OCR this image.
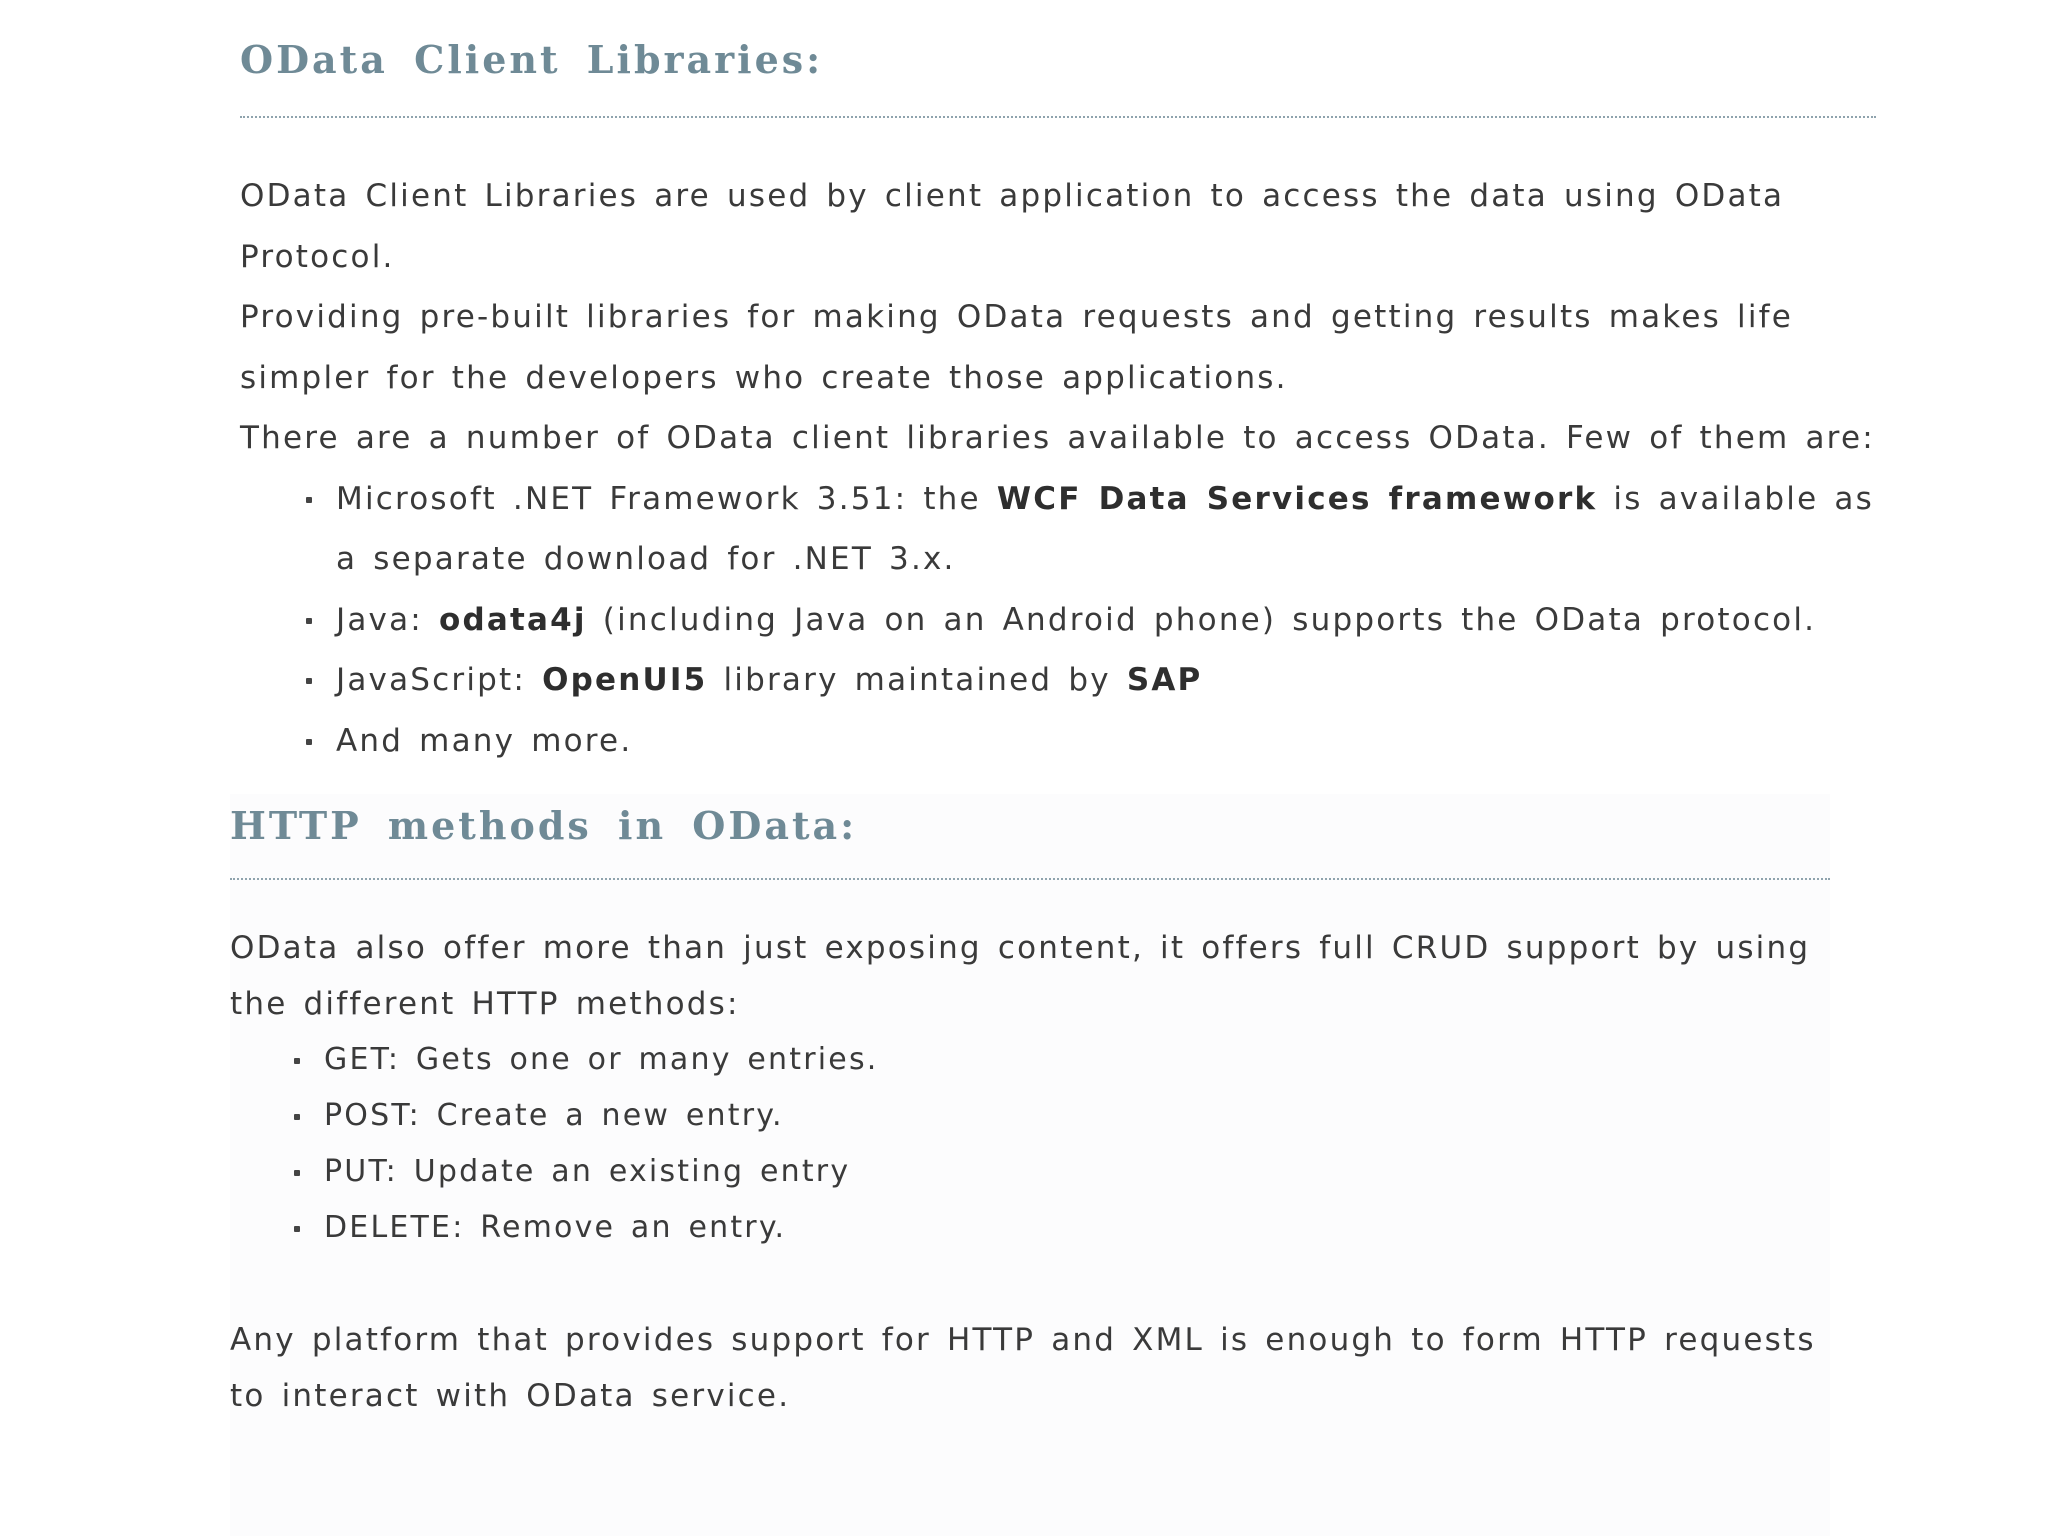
OData Client Libraries:

OData Client Libraries are used by client application to access the data using OData Protocol.

Providing pre-built libraries for making OData requests and getting results makes life simpler for the developers who create those applications.

There are a number of OData client libraries available to access OData. Few of them are:

Microsoft .NET Framework 3.51: the WCF Data Services framework is available as a separate download for .NET 3.x.
Java: odata4j (including Java on an Android phone) supports the OData protocol.
JavaScript: OpenUI5 library maintained by SAP
And many more.
HTTP methods in OData:

OData also offer more than just exposing content, it offers full CRUD support by using the different HTTP methods:

GET: Gets one or many entries.
POST: Create a new entry.
PUT: Update an existing entry
DELETE: Remove an entry.

Any platform that provides support for HTTP and XML is enough to form HTTP requests to interact with OData service.
